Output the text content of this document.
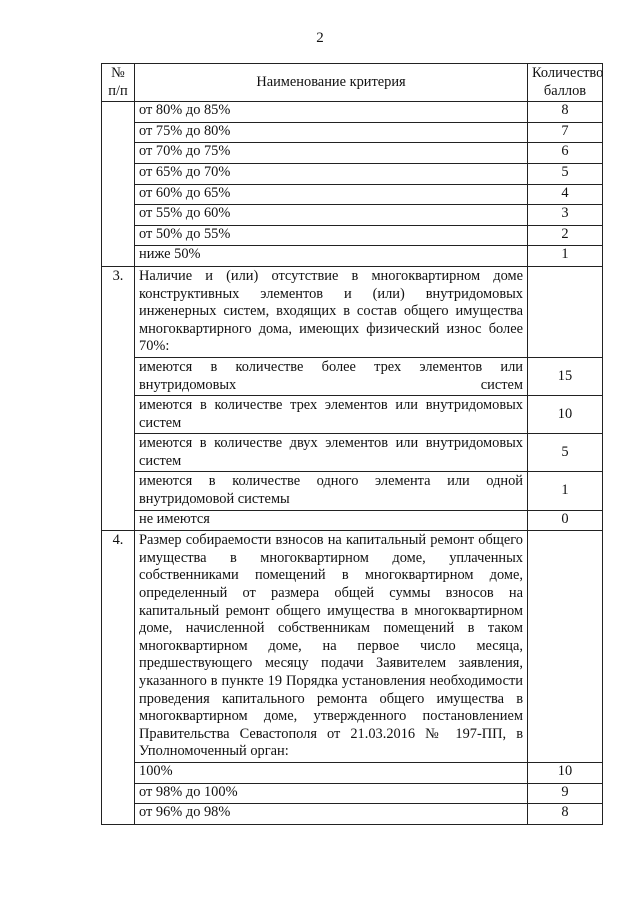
2
№ п/п	Наименование критерия	Количество баллов
	от 80% до 85%	8
	от 75% до 80%	7
	от 70% до 75%	6
	от 65% до 70%	5
	от 60% до 65%	4
	от 55% до 60%	3
	от 50% до 55%	2
	ниже 50%	1
3.	Наличие и (или) отсутствие в многоквартирном доме конструктивных элементов и (или) внутридомовых инженерных систем, входящих в состав общего имущества многоквартирного дома, имеющих физический износ более 70%:	
	имеются в количестве более трех элементов или внутридомовых систем	15
	имеются в количестве трех элементов или внутридомовых систем	10
	имеются в количестве двух элементов или внутридомовых систем	5
	имеются в количестве одного элемента или одной внутридомовой системы	1
	не имеются	0
4.	Размер собираемости взносов на капитальный ремонт общего имущества в многоквартирном доме, уплаченных собственниками помещений в многоквартирном доме, определенный от размера общей суммы взносов на капитальный ремонт общего имущества в многоквартирном доме, начисленной собственникам помещений в таком многоквартирном доме, на первое число месяца, предшествующего месяцу подачи Заявителем заявления, указанного в пункте 19 Порядка установления необходимости проведения капитального ремонта общего имущества в многоквартирном доме, утвержденного постановлением Правительства Севастополя от 21.03.2016 № 197-ПП, в Уполномоченный орган:	
	100%	10
	от 98% до 100%	9
	от 96% до 98%	8
